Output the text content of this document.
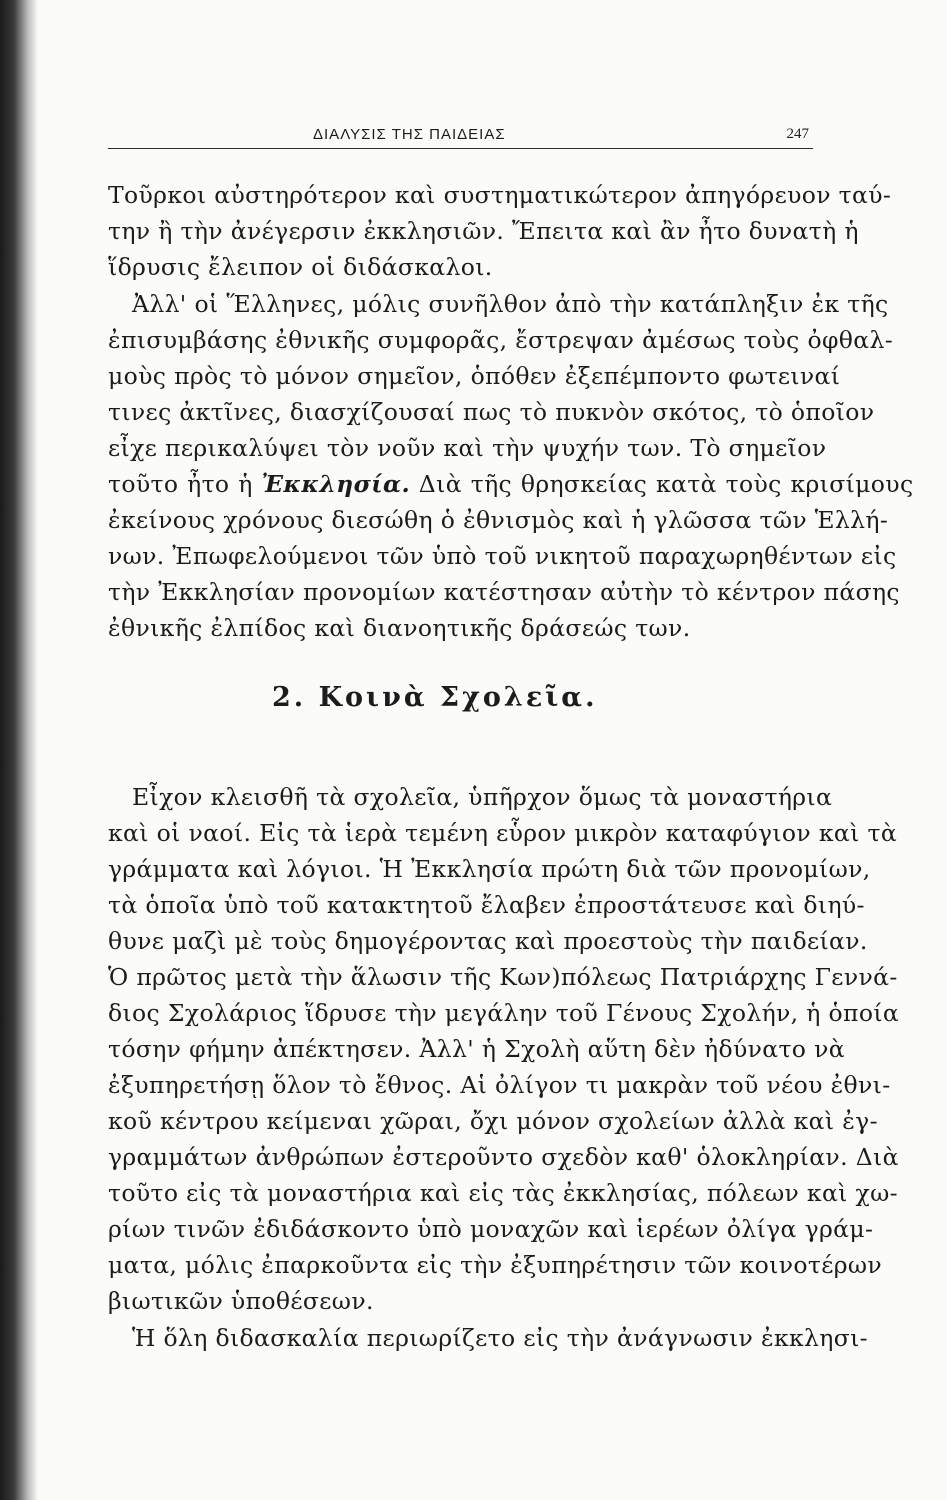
ΔΙΑΛΥΣΙΣ ΤΗΣ ΠΑΙΔΕΙΑΣ	247
Τοῦρκοι αὐστηρότερον καὶ συστηματικώτερον ἀπηγόρευον ταύ-
την ἢ τὴν ἀνέγερσιν ἐκκλησιῶν. Ἔπειτα καὶ ἂν ἦτο δυνατὴ ἡ
ἵδρυσις ἔλειπον οἱ διδάσκαλοι.
Ἀλλ' οἱ Ἕλληνες, μόλις συνῆλθον ἀπὸ τὴν κατάπληξιν ἐκ τῆς
ἐπισυμβάσης ἐθνικῆς συμφορᾶς, ἔστρεψαν ἀμέσως τοὺς ὀφθαλ-
μοὺς πρὸς τὸ μόνον σημεῖον, ὁπόθεν ἐξεπέμποντο φωτειναί
τινες ἀκτῖνες, διασχίζουσαί πως τὸ πυκνὸν σκότος, τὸ ὁποῖον
εἶχε περικαλύψει τὸν νοῦν καὶ τὴν ψυχήν των. Τὸ σημεῖον
τοῦτο ἦτο ἡ Ἐκκλησία. Διὰ τῆς θρησκείας κατὰ τοὺς κρισίμους
ἐκείνους χρόνους διεσώθη ὁ ἐθνισμὸς καὶ ἡ γλῶσσα τῶν Ἑλλή-
νων. Ἐπωφελούμενοι τῶν ὑπὸ τοῦ νικητοῦ παραχωρηθέντων εἰς
τὴν Ἐκκλησίαν προνομίων κατέστησαν αὐτὴν τὸ κέντρον πάσης
ἐθνικῆς ἐλπίδος καὶ διανοητικῆς δράσεώς των.
2. Κοινὰ Σχολεῖα.
Εἶχον κλεισθῆ τὰ σχολεῖα, ὑπῆρχον ὅμως τὰ μοναστήρια
καὶ οἱ ναοί. Εἰς τὰ ἱερὰ τεμένη εὗρον μικρὸν καταφύγιον καὶ τὰ
γράμματα καὶ λόγιοι. Ἡ Ἐκκλησία πρώτη διὰ τῶν προνομίων,
τὰ ὁποῖα ὑπὸ τοῦ κατακτητοῦ ἔλαβεν ἐπροστάτευσε καὶ διηύ-
θυνε μαζὶ μὲ τοὺς δημογέροντας καὶ προεστοὺς τὴν παιδείαν.
Ὁ πρῶτος μετὰ τὴν ἅλωσιν τῆς Κων)πόλεως Πατριάρχης Γεννά-
διος Σχολάριος ἵδρυσε τὴν μεγάλην τοῦ Γένους Σχολήν, ἡ ὁποία
τόσην φήμην ἀπέκτησεν. Ἀλλ' ἡ Σχολὴ αὕτη δὲν ἠδύνατο νὰ
ἐξυπηρετήσῃ ὅλον τὸ ἔθνος. Αἱ ὀλίγον τι μακρὰν τοῦ νέου ἐθνι-
κοῦ κέντρου κείμεναι χῶραι, ὄχι μόνον σχολείων ἀλλὰ καὶ ἐγ-
γραμμάτων ἀνθρώπων ἐστεροῦντο σχεδὸν καθ' ὁλοκληρίαν. Διὰ
τοῦτο εἰς τὰ μοναστήρια καὶ εἰς τὰς ἐκκλησίας, πόλεων καὶ χω-
ρίων τινῶν ἐδιδάσκοντο ὑπὸ μοναχῶν καὶ ἱερέων ὀλίγα γράμ-
ματα, μόλις ἐπαρκοῦντα εἰς τὴν ἐξυπηρέτησιν τῶν κοινοτέρων
βιωτικῶν ὑποθέσεων.
Ἡ ὅλη διδασκαλία περιωρίζετο εἰς τὴν ἀνάγνωσιν ἐκκλησι-
